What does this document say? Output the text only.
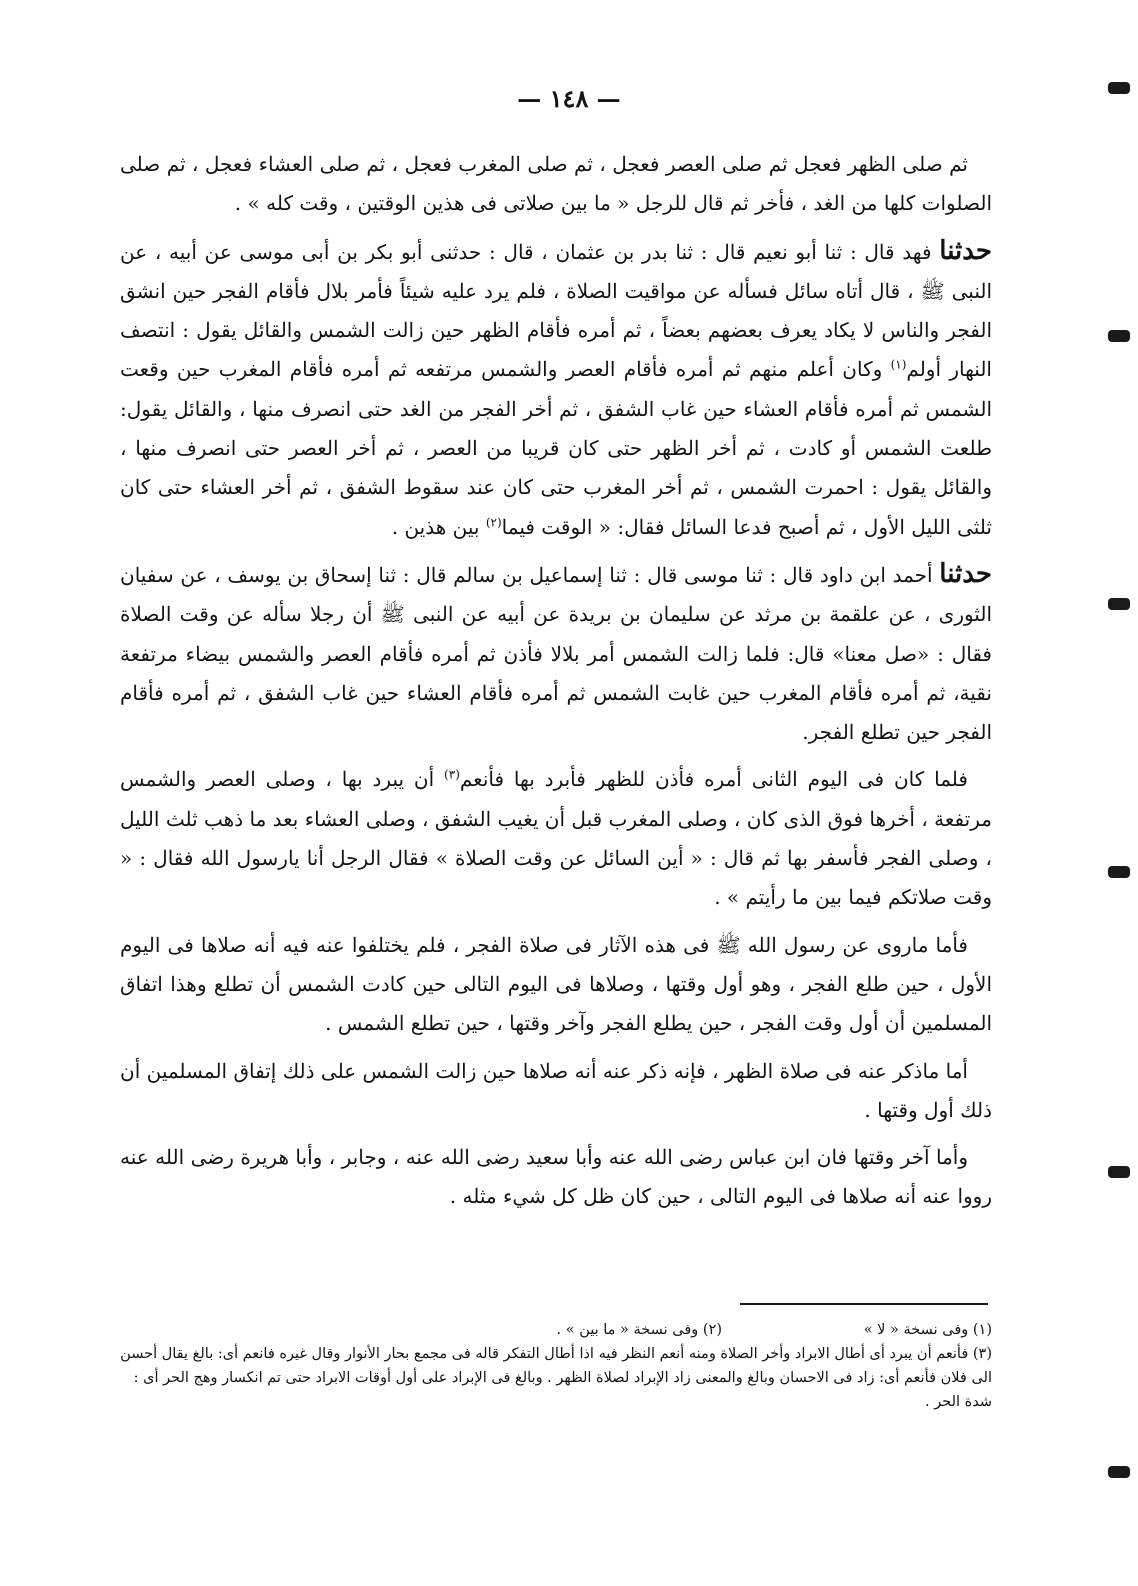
— ١٤٨ —

ثم صلى الظهر فعجل ثم صلى العصر فعجل ، ثم صلى المغرب فعجل ، ثم صلى العشاء فعجل ، ثم صلى الصلوات كلها من الغد ، فأخر ثم قال للرجل « ما بين صلاتى فى هذين الوقتين ، وقت كله » .

حدثنا فهد قال : ثنا أبو نعيم قال : ثنا بدر بن عثمان ، قال : حدثنى أبو بكر بن أبى موسى عن أبيه ، عن النبى ﷺ ، قال أتاه سائل فسأله عن مواقيت الصلاة ، فلم يرد عليه شيئاً فأمر بلال فأقام الفجر حين انشق الفجر والناس لا يكاد يعرف بعضهم بعضاً ، ثم أمره فأقام الظهر حين زالت الشمس والقائل يقول : انتصف النهار أولم$^{(١)}$ وكان أعلم منهم ثم أمره فأقام العصر والشمس مرتفعه ثم أمره فأقام المغرب حين وقعت الشمس ثم أمره فأقام العشاء حين غاب الشفق ، ثم أخر الفجر من الغد حتى انصرف منها ، والقائل يقول: طلعت الشمس أو كادت ، ثم أخر الظهر حتى كان قريبا من العصر ، ثم أخر العصر حتى انصرف منها ، والقائل يقول : احمرت الشمس ، ثم أخر المغرب حتى كان عند سقوط الشفق ، ثم أخر العشاء حتى كان ثلثى الليل الأول ، ثم أصبح فدعا السائل فقال: « الوقت فيما$^{(٢)}$ بين هذين .

حدثنا أحمد ابن داود قال : ثنا موسى قال : ثنا إسماعيل بن سالم قال : ثنا إسحاق بن يوسف ، عن سفيان الثورى ، عن علقمة بن مرثد عن سليمان بن بريدة عن أبيه عن النبى ﷺ أن رجلا سأله عن وقت الصلاة فقال : «صل معنا» قال: فلما زالت الشمس أمر بلالا فأذن ثم أمره فأقام العصر والشمس بيضاء مرتفعة نقية، ثم أمره فأقام المغرب حين غابت الشمس ثم أمره فأقام العشاء حين غاب الشفق ، ثم أمره فأقام الفجر حين تطلع الفجر.

فلما كان فى اليوم الثانى أمره فأذن للظهر فأبرد بها فأنعم$^{(٣)}$ أن يبرد بها ، وصلى العصر والشمس مرتفعة ، أخرها فوق الذى كان ، وصلى المغرب قبل أن يغيب الشفق ، وصلى العشاء بعد ما ذهب ثلث الليل ، وصلى الفجر فأسفر بها ثم قال : « أين السائل عن وقت الصلاة » فقال الرجل أنا يارسول الله فقال : « وقت صلاتكم فيما بين ما رأيتم » .

فأما ماروى عن رسول الله ﷺ فى هذه الآثار فى صلاة الفجر ، فلم يختلفوا عنه فيه أنه صلاها فى اليوم الأول ، حين طلع الفجر ، وهو أول وقتها ، وصلاها فى اليوم التالى حين كادت الشمس أن تطلع وهذا اتفاق المسلمين أن أول وقت الفجر ، حين يطلع الفجر وآخر وقتها ، حين تطلع الشمس .

أما ماذكر عنه فى صلاة الظهر ، فإنه ذكر عنه أنه صلاها حين زالت الشمس على ذلك إتفاق المسلمين أن ذلك أول وقتها .

وأما آخر وقتها فان ابن عباس رضى الله عنه وأبا سعيد رضى الله عنه ، وجابر ، وأبا هريرة رضى الله عنه رووا عنه أنه صلاها فى اليوم التالى ، حين كان ظل كل شيء مثله .

(١) وفى نسخة « لا »
(٢) وفى نسخة « ما بين » .

(٣) فأنعم أن يبرد أى أطال الابراد وأخر الصلاة ومنه أنعم النظر فيه اذا أطال التفكر قاله فى مجمع بحار الأنوار وقال غيره فانعم أى: بالغ يقال أحسن الى فلان فأنعم أى: زاد فى الاحسان وبالغ والمعنى زاد الإبراد لصلاة الظهر . وبالغ فى الإبراد على أول أوقات الابراد حتى تم انكسار وهج الحر أى : شدة الحر .
